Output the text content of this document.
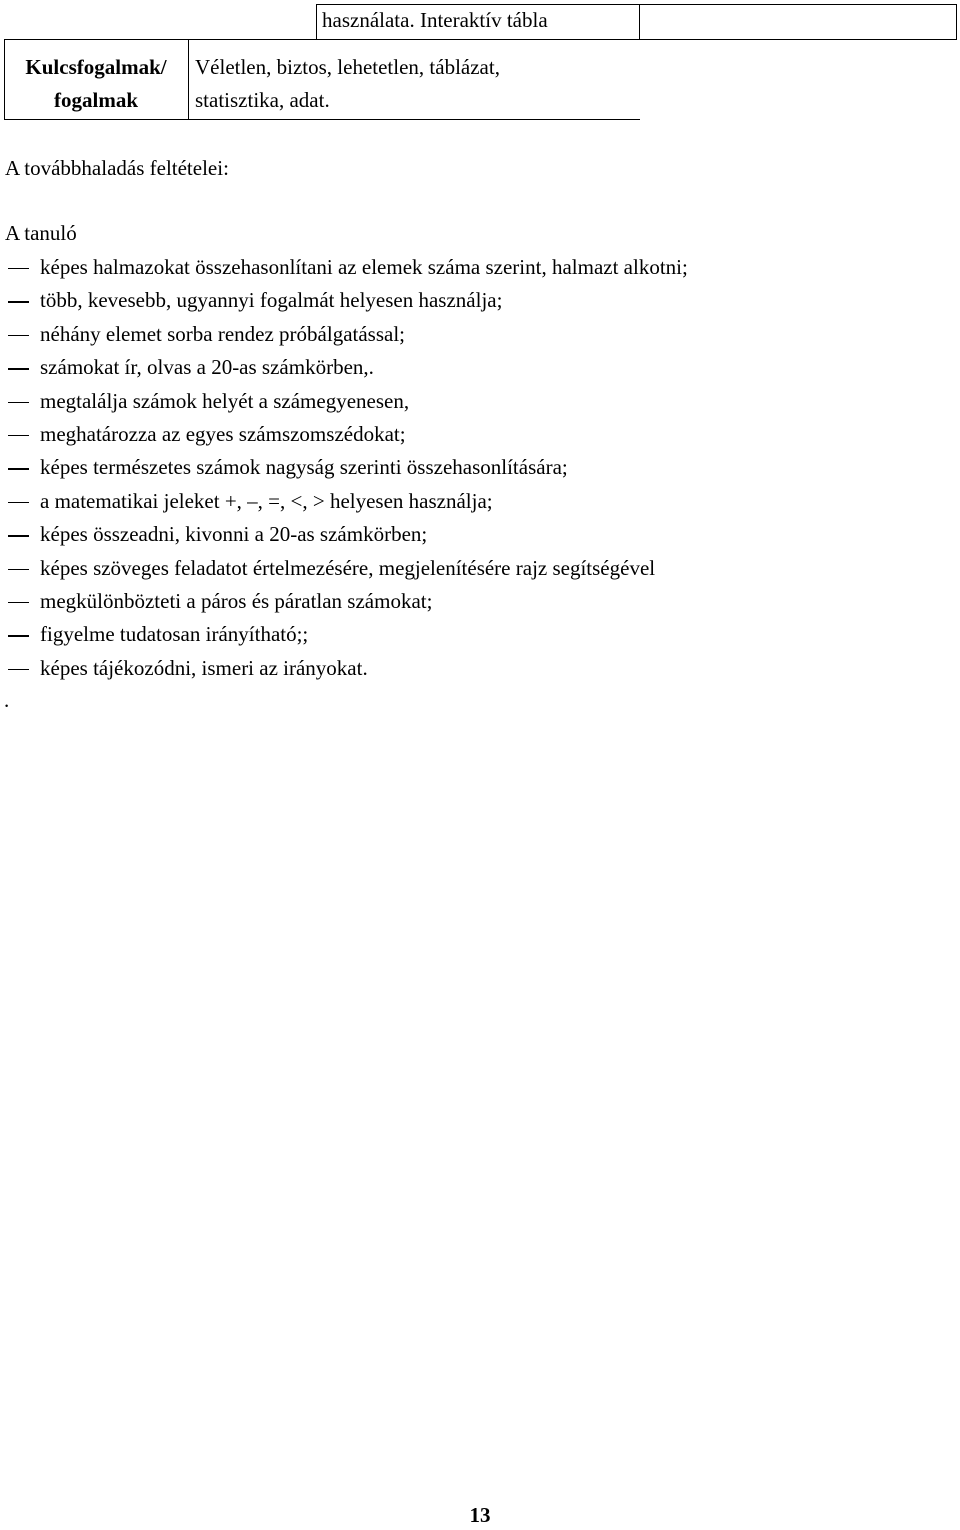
használata. Interaktív tábla
Kulcsfogalmak/
fogalmak
Véletlen, biztos, lehetetlen, táblázat,
statisztika, adat.
A továbbhaladás feltételei:
A tanuló
képes halmazokat összehasonlítani az elemek száma szerint, halmazt alkotni;
több, kevesebb, ugyannyi fogalmát helyesen használja;
néhány elemet sorba rendez próbálgatással;
számokat ír, olvas a 20-as számkörben,.
megtalálja számok helyét a számegyenesen,
meghatározza az egyes számszomszédokat;
képes természetes számok nagyság szerinti összehasonlítására;
a matematikai jeleket +, –, =, <, > helyesen használja;
képes összeadni, kivonni a 20-as számkörben;
képes szöveges feladatot értelmezésére, megjelenítésére rajz segítségével
megkülönbözteti a páros és páratlan számokat;
figyelme tudatosan irányítható;;
képes tájékozódni, ismeri az irányokat.
.
13
